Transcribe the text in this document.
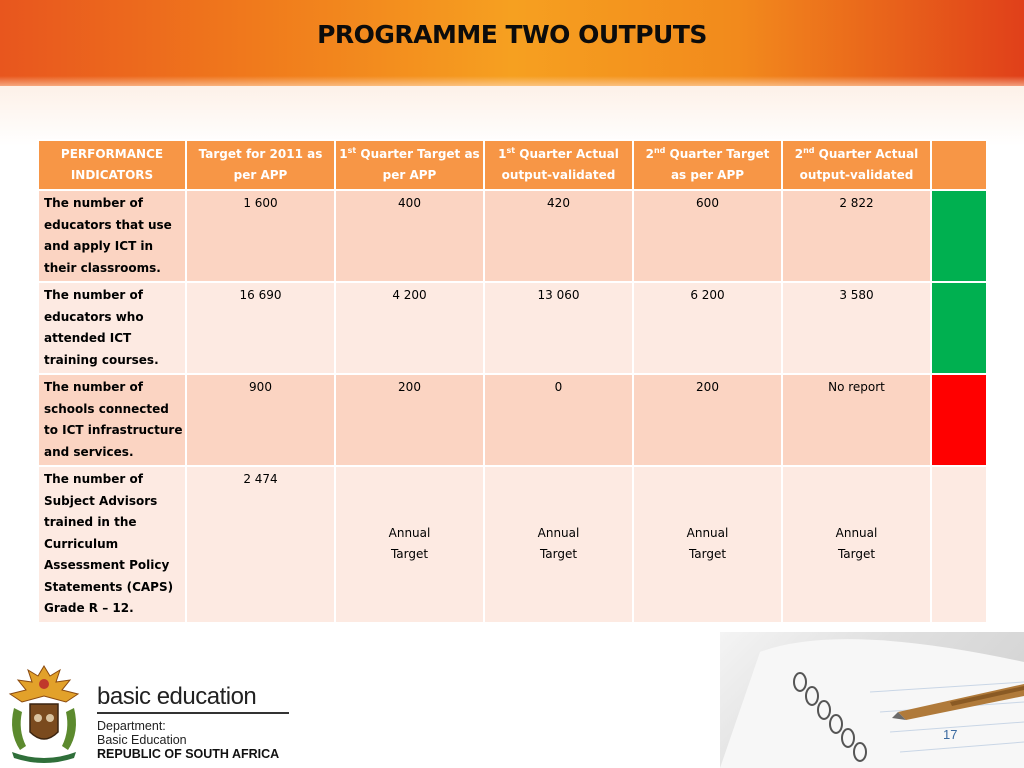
PROGRAMME TWO OUTPUTS
PERFORMANCE INDICATORS	Target for 2011 as per APP	1st Quarter Target as per APP	1st Quarter Actual output-validated	2nd Quarter Target as per APP	2nd Quarter Actual output-validated	
The number of educators that use and apply ICT in their classrooms.	1 600	400	420	600	2 822	
The number of educators who attended ICT training courses.	16 690	4 200	13 060	6 200	3 580	
The number of schools connected to ICT infrastructure and services.	900	200	0	200	No report	
The number of Subject Advisors trained in the Curriculum Assessment Policy Statements (CAPS) Grade R – 12.	2 474	Annual Target	Annual Target	Annual Target	Annual Target	

basic education
Department:
Basic Education
REPUBLIC OF SOUTH AFRICA
17
